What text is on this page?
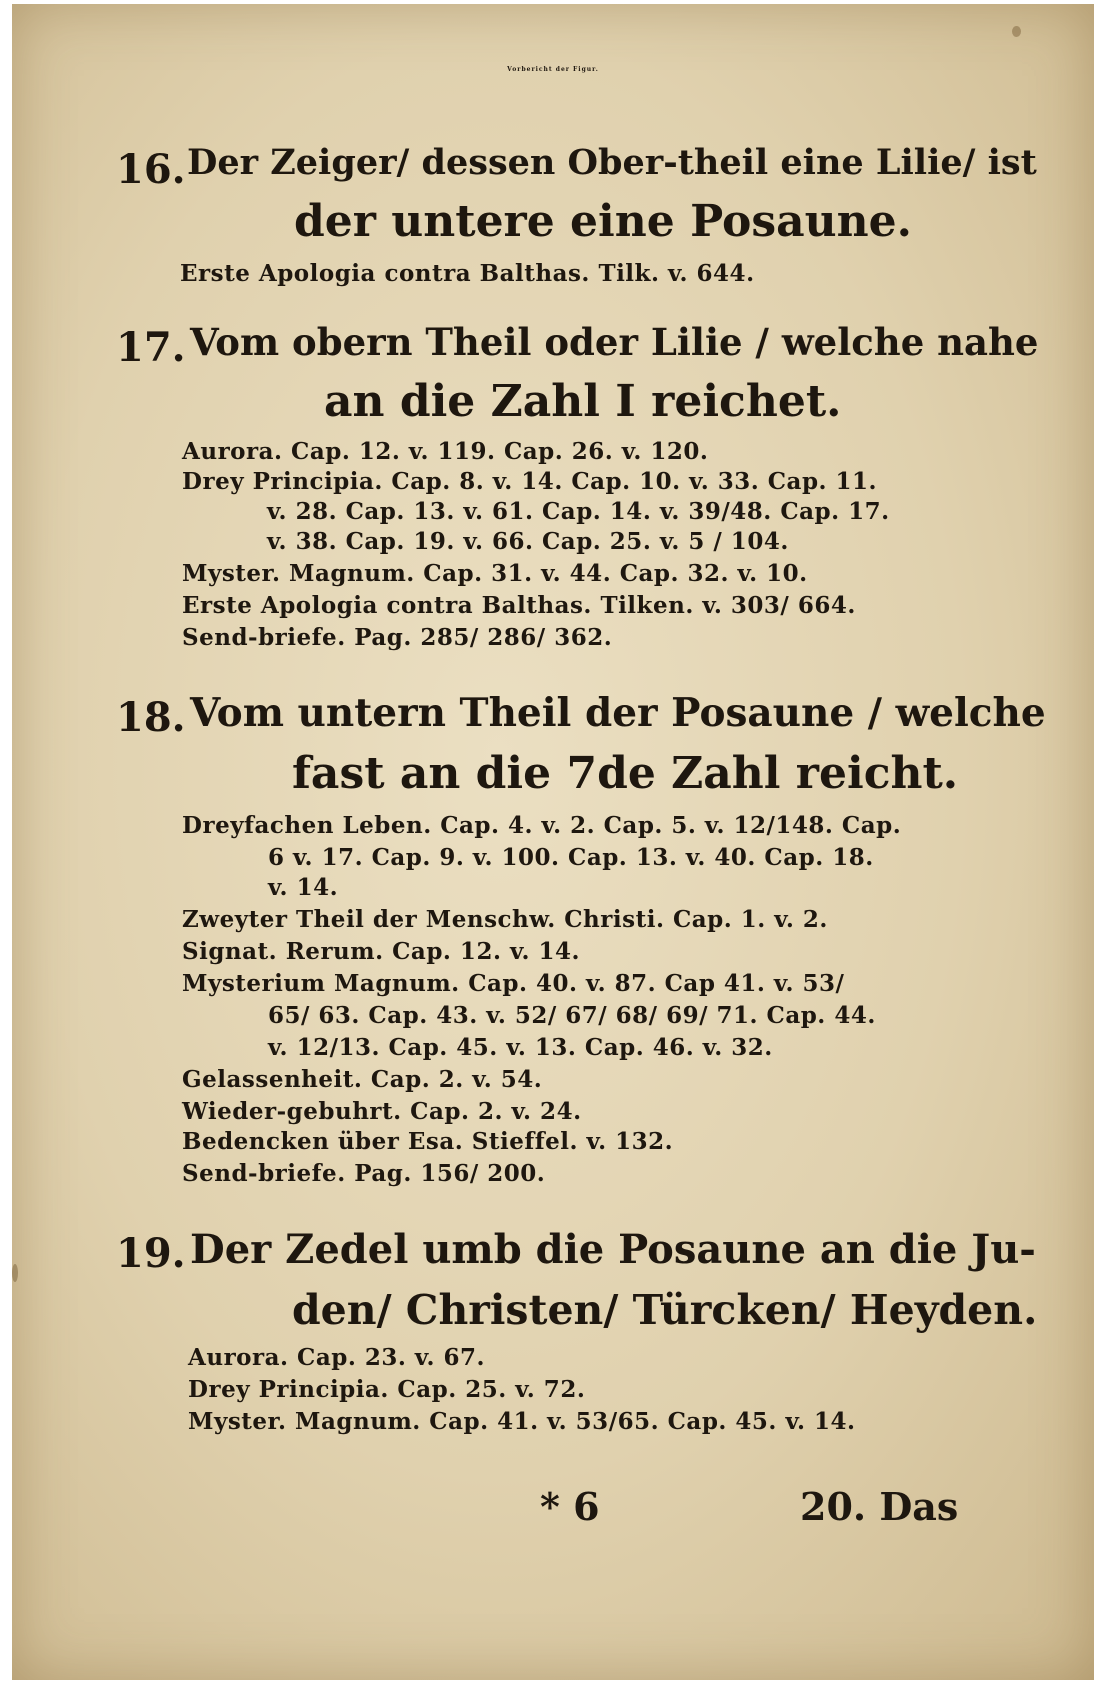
Vorbericht der Figur.
16. Der Zeiger/ dessen Ober-theil eine Lilie/ ist
der untere eine Posaune.
Erste Apologia contra Balthas. Tilk. v. 644.
17. Vom obern Theil oder Lilie / welche nahe
an die Zahl I reichet.
Aurora. Cap. 12. v. 119. Cap. 26. v. 120.
Drey Principia. Cap. 8. v. 14. Cap. 10. v. 33. Cap. 11.
v. 28. Cap. 13. v. 61. Cap. 14. v. 39/48. Cap. 17.
v. 38. Cap. 19. v. 66. Cap. 25. v. 5 / 104.
Myster. Magnum. Cap. 31. v. 44. Cap. 32. v. 10.
Erste Apologia contra Balthas. Tilken. v. 303/ 664.
Send-briefe. Pag. 285/ 286/ 362.
18. Vom untern Theil der Posaune / welche
fast an die 7de Zahl reicht.
Dreyfachen Leben. Cap. 4. v. 2. Cap. 5. v. 12/148. Cap.
6 v. 17. Cap. 9. v. 100. Cap. 13. v. 40. Cap. 18.
v. 14.
Zweyter Theil der Menschw. Christi. Cap. 1. v. 2.
Signat. Rerum. Cap. 12. v. 14.
Mysterium Magnum. Cap. 40. v. 87. Cap 41. v. 53/
65/ 63. Cap. 43. v. 52/ 67/ 68/ 69/ 71. Cap. 44.
v. 12/13. Cap. 45. v. 13. Cap. 46. v. 32.
Gelassenheit. Cap. 2. v. 54.
Wieder-gebuhrt. Cap. 2. v. 24.
Bedencken über Esa. Stieffel. v. 132.
Send-briefe. Pag. 156/ 200.
19. Der Zedel umb die Posaune an die Ju-
den/ Christen/ Türcken/ Heyden.
Aurora. Cap. 23. v. 67.
Drey Principia. Cap. 25. v. 72.
Myster. Magnum. Cap. 41. v. 53/65. Cap. 45. v. 14.
* 6	20. Das
